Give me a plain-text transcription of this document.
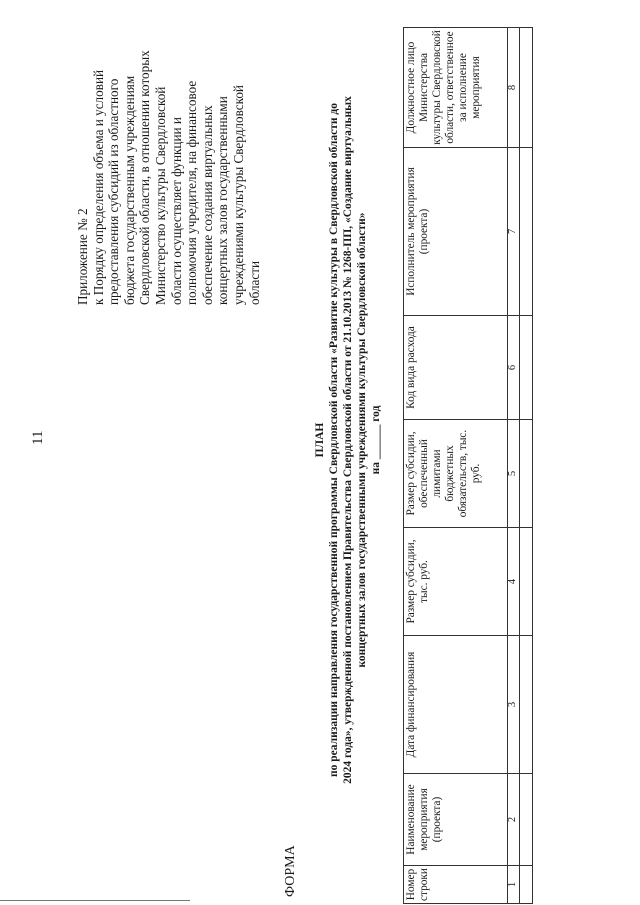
11
Приложение № 2 к Порядку определения объема и условий предоставления субсидий из областного бюджета государственным учреждениям Свердловской области, в отношении которых Министерство культуры Свердловской области осуществляет функции и полномочия учредителя, на финансовое обеспечение создания виртуальных концертных залов государственными учреждениями культуры Свердловской области
ФОРМА
ПЛАН по реализации направления государственной программы Свердловской области «Развитие культуры в Свердловской области до 2024 года», утвержденной постановлением Правительства Свердловской области от 21.10.2013 № 1268-ПП, «Создание виртуальных концертных залов государственными учреждениями культуры Свердловской области» на ______ год
Номер строки	Наименование мероприятия (проекта)	Дата финансирования	Размер субсидии, тыс. руб.	Размер субсидии, обеспеченный лимитами бюджетных обязательств, тыс. руб.	Код вида расхода	Исполнитель мероприятия (проекта)	Должностное лицо Министерства культуры Свердловской области, ответственное за исполнение мероприятия
1	2	3	4	5	6	7	8
